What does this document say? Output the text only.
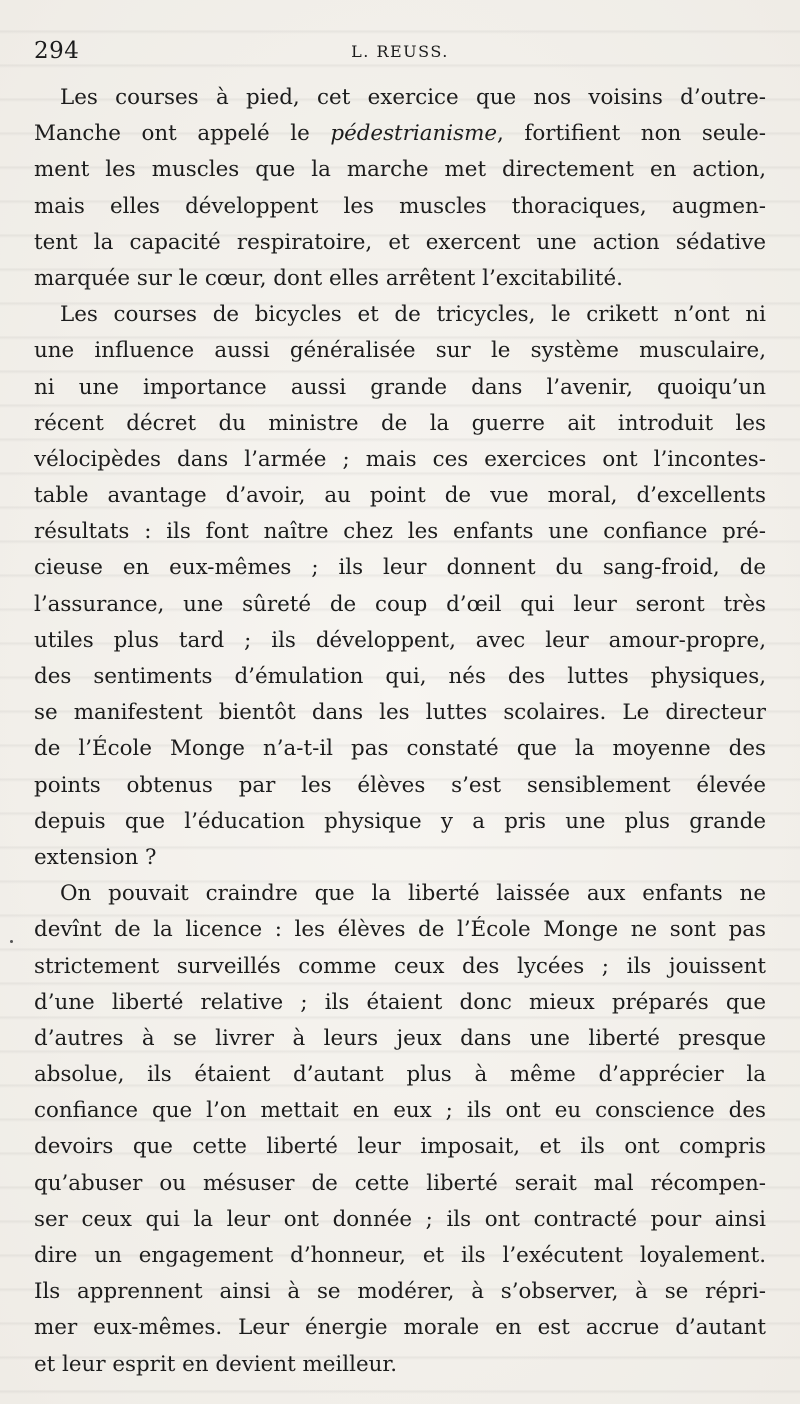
294	L. REUSS.
Les courses à pied, cet exercice que nos voisins d’outre-
Manche ont appelé le pédestrianisme, fortifient non seule-
ment les muscles que la marche met directement en action,
mais elles développent les muscles thoraciques, augmen-
tent la capacité respiratoire, et exercent une action sédative
marquée sur le cœur, dont elles arrêtent l’excitabilité.
Les courses de bicycles et de tricycles, le crikett n’ont ni
une influence aussi généralisée sur le système musculaire,
ni une importance aussi grande dans l’avenir, quoiqu’un
récent décret du ministre de la guerre ait introduit les
vélocipèdes dans l’armée ; mais ces exercices ont l’incontes-
table avantage d’avoir, au point de vue moral, d’excellents
résultats : ils font naître chez les enfants une confiance pré-
cieuse en eux-mêmes ; ils leur donnent du sang-froid, de
l’assurance, une sûreté de coup d’œil qui leur seront très
utiles plus tard ; ils développent, avec leur amour-propre,
des sentiments d’émulation qui, nés des luttes physiques,
se manifestent bientôt dans les luttes scolaires. Le directeur
de l’École Monge n’a-t-il pas constaté que la moyenne des
points obtenus par les élèves s’est sensiblement élevée
depuis que l’éducation physique y a pris une plus grande
extension ?
On pouvait craindre que la liberté laissée aux enfants ne
devînt de la licence : les élèves de l’École Monge ne sont pas
strictement surveillés comme ceux des lycées ; ils jouissent
d’une liberté relative ; ils étaient donc mieux préparés que
d’autres à se livrer à leurs jeux dans une liberté presque
absolue, ils étaient d’autant plus à même d’apprécier la
confiance que l’on mettait en eux ; ils ont eu conscience des
devoirs que cette liberté leur imposait, et ils ont compris
qu’abuser ou mésuser de cette liberté serait mal récompen-
ser ceux qui la leur ont donnée ; ils ont contracté pour ainsi
dire un engagement d’honneur, et ils l’exécutent loyalement.
Ils apprennent ainsi à se modérer, à s’observer, à se répri-
mer eux-mêmes. Leur énergie morale en est accrue d’autant
et leur esprit en devient meilleur.
